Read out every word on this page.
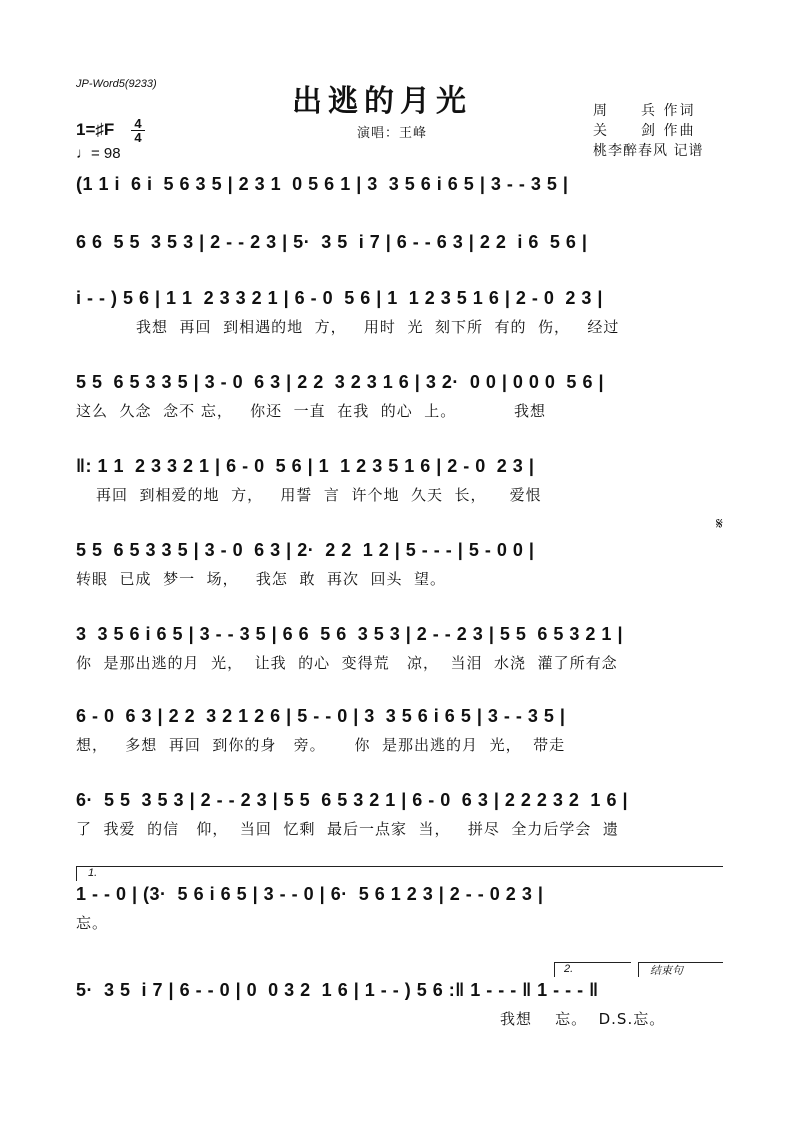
JP-Word5(9233)	出逃的月光
演唱：王峰
周　　兵 作词
关　　剑 作曲
桃李醉春风 记谱
1=♯F 4
4
♩= 98
(1 1 i  6 i  5 6 3 5 | 2 3 1  0 5 6 1 | 3  3 5 6 i 6 5 | 3 - - 3 5 |
6 6  5 5  3 5 3 | 2 - - 2 3 | 5·  3 5  i 7 | 6 - - 6 3 | 2 2  i 6  5 6 |
i - - ) 5 6 | 1 1  2 3 3 2 1 | 6 - 0  5 6 | 1  1 2 3 5 1 6 | 2 - 0  2 3 |
我想  再回  到相遇的地  方，   用时  光  刻下所  有的  伤，   经过
5 5  6 5 3 3 5 | 3 - 0  6 3 | 2 2  3 2 3 1 6 | 3 2·  0 0 | 0 0 0  5 6 |
这么  久念  念不 忘，   你还  一直  在我  的心  上。          我想
‖: 1 1  2 3 3 2 1 | 6 - 0  5 6 | 1  1 2 3 5 1 6 | 2 - 0  2 3 |
再回  到相爱的地  方，   用誓  言  许个地  久天  长，    爱恨
𝄋
5 5  6 5 3 3 5 | 3 - 0  6 3 | 2·  2 2  1 2 | 5 - - - | 5 - 0 0 |
转眼  已成  梦一  场，   我怎  敢  再次  回头  望。
3  3 5 6 i 6 5 | 3 - - 3 5 | 6 6  5 6  3 5 3 | 2 - - 2 3 | 5 5  6 5 3 2 1 |
你  是那出逃的月  光，  让我  的心  变得荒   凉，  当泪  水浇  灌了所有念
6 - 0  6 3 | 2 2  3 2 1 2 6 | 5 - - 0 | 3  3 5 6 i 6 5 | 3 - - 3 5 |
想，   多想  再回  到你的身   旁。     你  是那出逃的月  光，  带走
6·  5 5  3 5 3 | 2 - - 2 3 | 5 5  6 5 3 2 1 | 6 - 0  6 3 | 2 2 2 3 2  1 6 |
了  我爱  的信   仰，  当回  忆剩  最后一点家  当，   拼尽  全力后学会  遗
1.
1 - - 0 | (3·  5 6 i 6 5 | 3 - - 0 | 6·  5 6 1 2 3 | 2 - - 0 2 3 |
忘。
2.	结束句
5·  3 5  i 7 | 6 - - 0 | 0  0 3 2  1 6 | 1 - - ) 5 6 :‖ 1 - - - ‖ 1 - - - ‖
我想    忘。  D.S.忘。
